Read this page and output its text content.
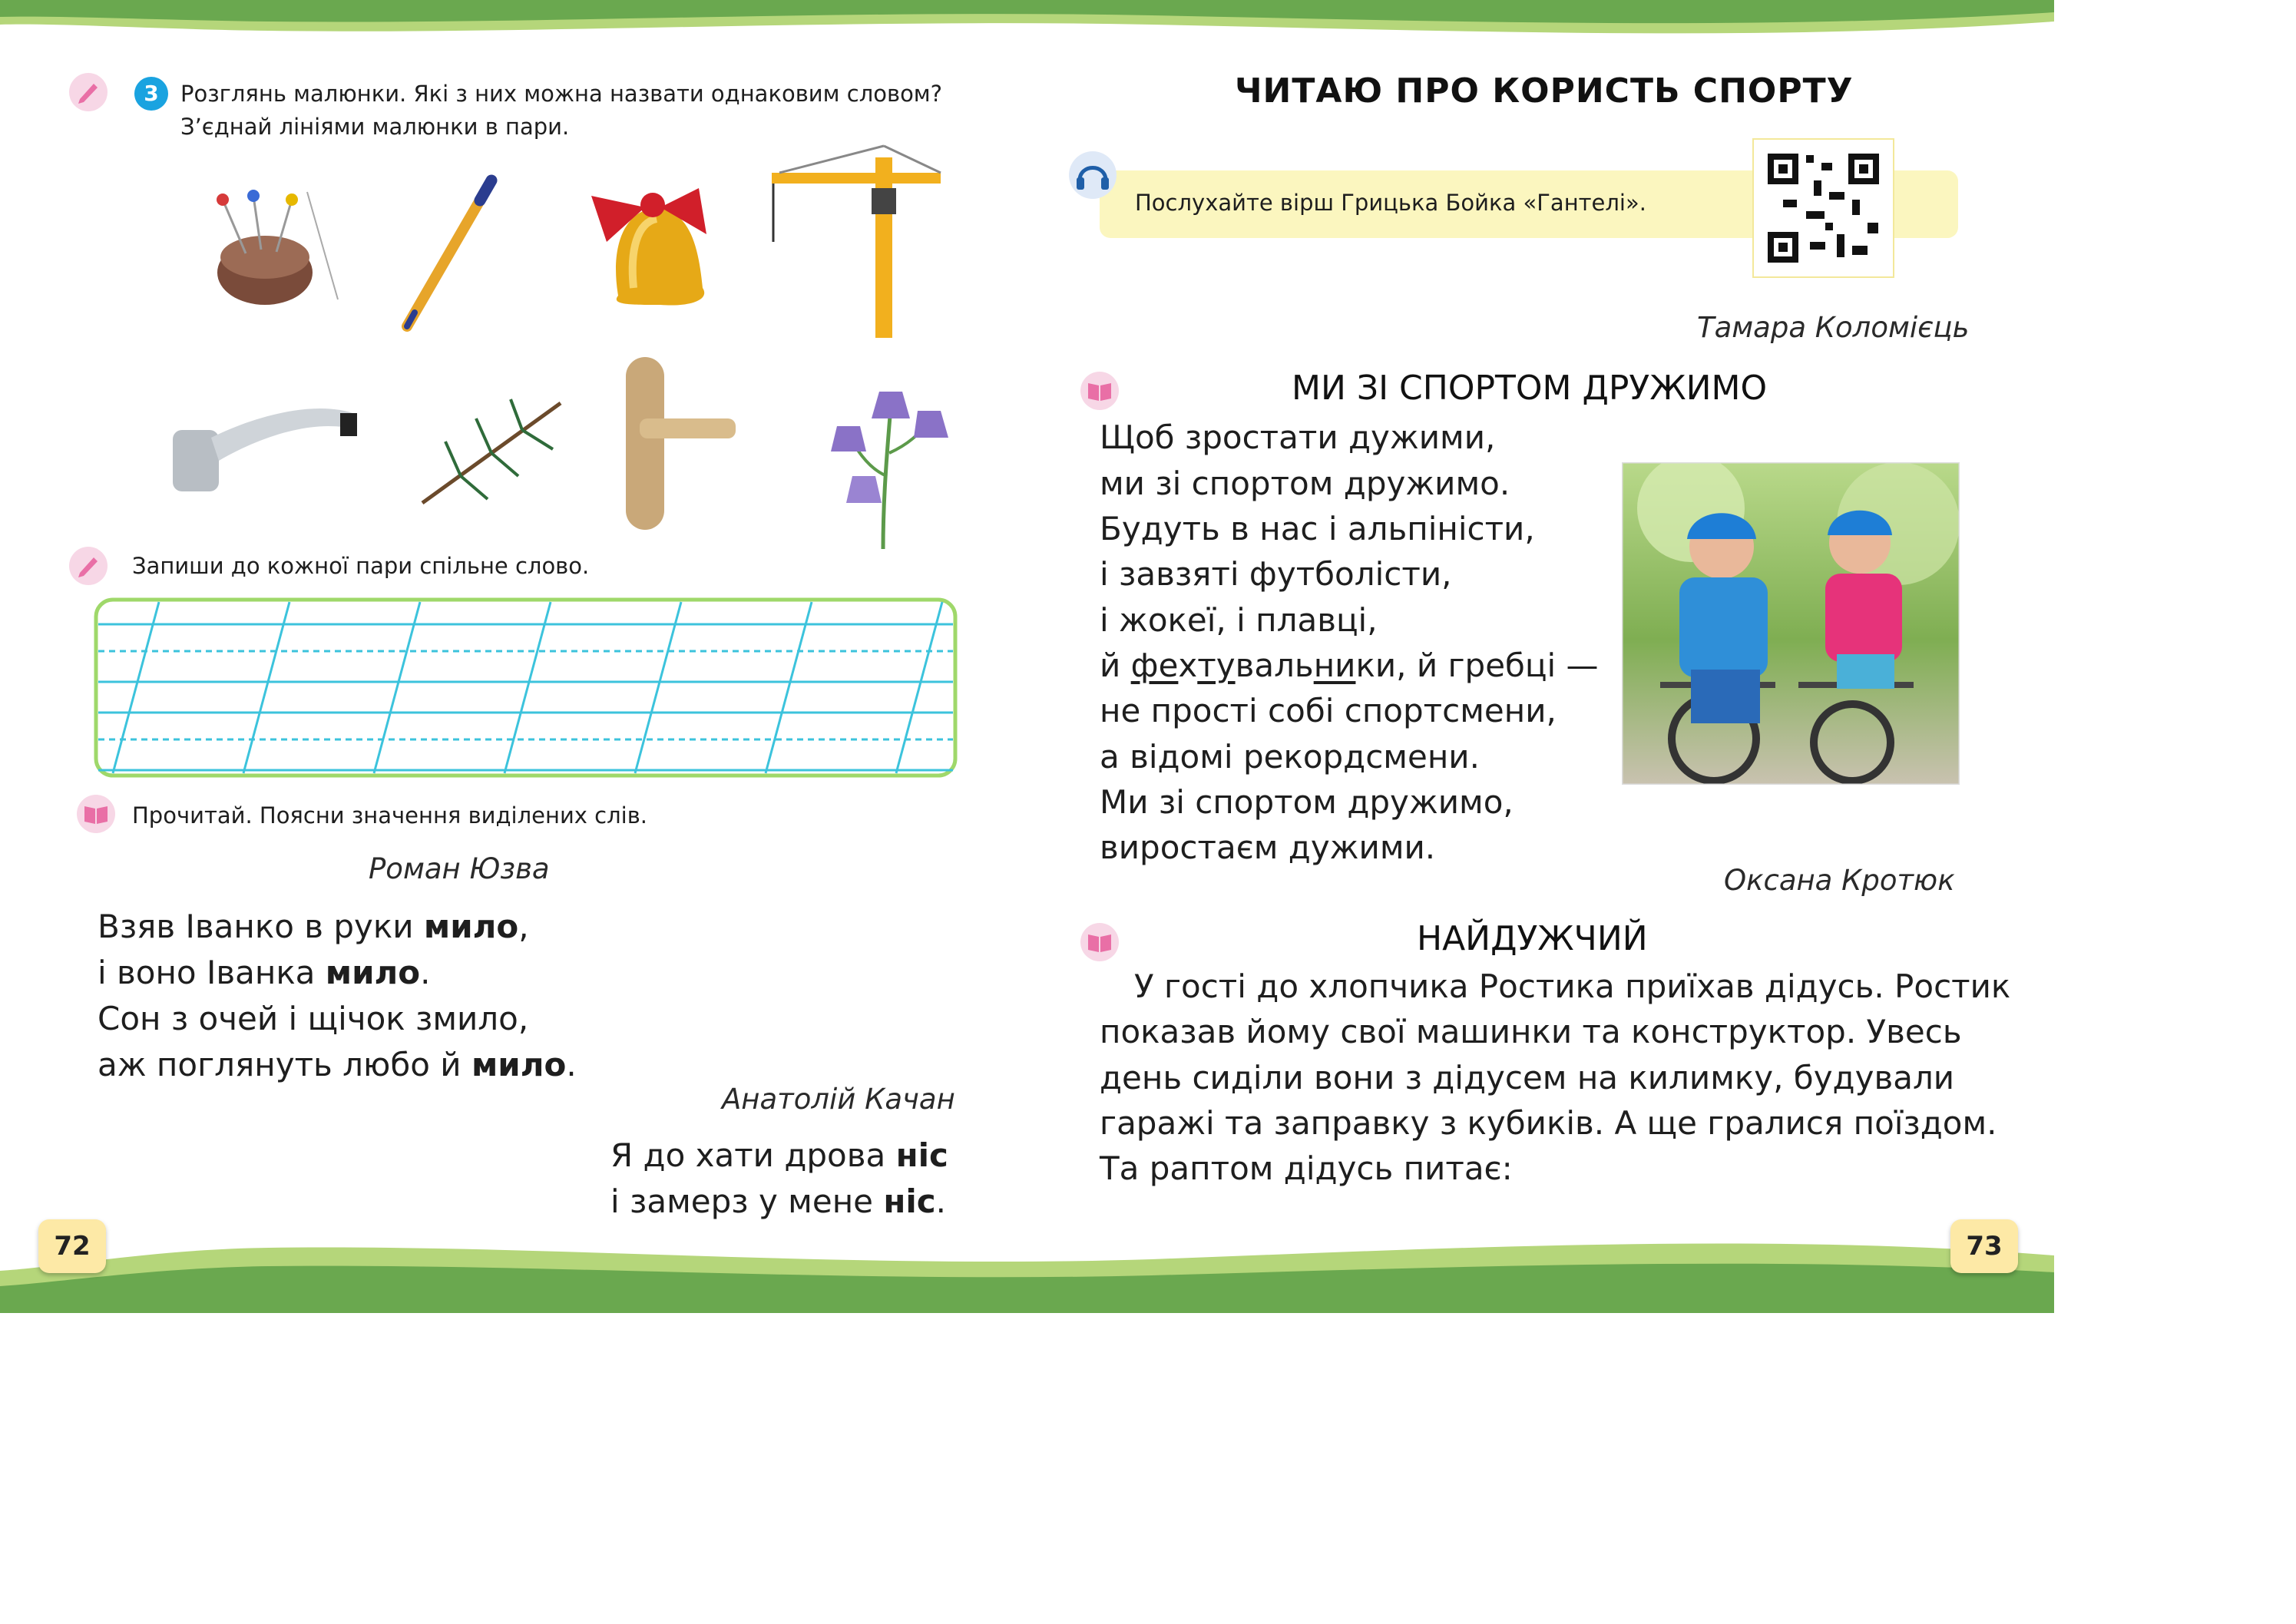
3 Розглянь малюнки. Які з них можна назвати однаковим словом?
З’єднай лініями малюнки в пари.
Запиши до кожної пари спільне слово.
Прочитай. Поясни значення виділених слів.
Роман Юзва
Взяв Іванко в руки мило,
і воно Іванка мило.
Сон з очей і щічок змило,
аж поглянуть любо й мило.
Анатолій Качан
Я до хати дрова ніс
і замерз у мене ніс.
72
ЧИТАЮ ПРО КОРИСТЬ СПОРТУ
Послухайте вірш Грицька Бойка «Гантелі».
Тамара Коломієць
МИ ЗІ СПОРТОМ ДРУЖИМО
Щоб зростати дужими,
ми зі спортом дружимо.
Будуть в нас і альпіністи,
і завзяті футболісти,
і жокеї, і плавці,
й фехтувальники, й гребці —
не прості собі спортсмени,
а відомі рекордсмени.
Ми зі спортом дружимо,
виростаєм дужими.
Оксана Кротюк
НАЙДУЖЧИЙ
У гості до хлопчика Ростика приїхав дідусь. Ростик
показав йому свої машинки та конструктор. Увесь
день сиділи вони з дідусем на килимку, будували
гаражі та заправку з кубиків. А ще гралися поїздом.
Та раптом дідусь питає:
73
